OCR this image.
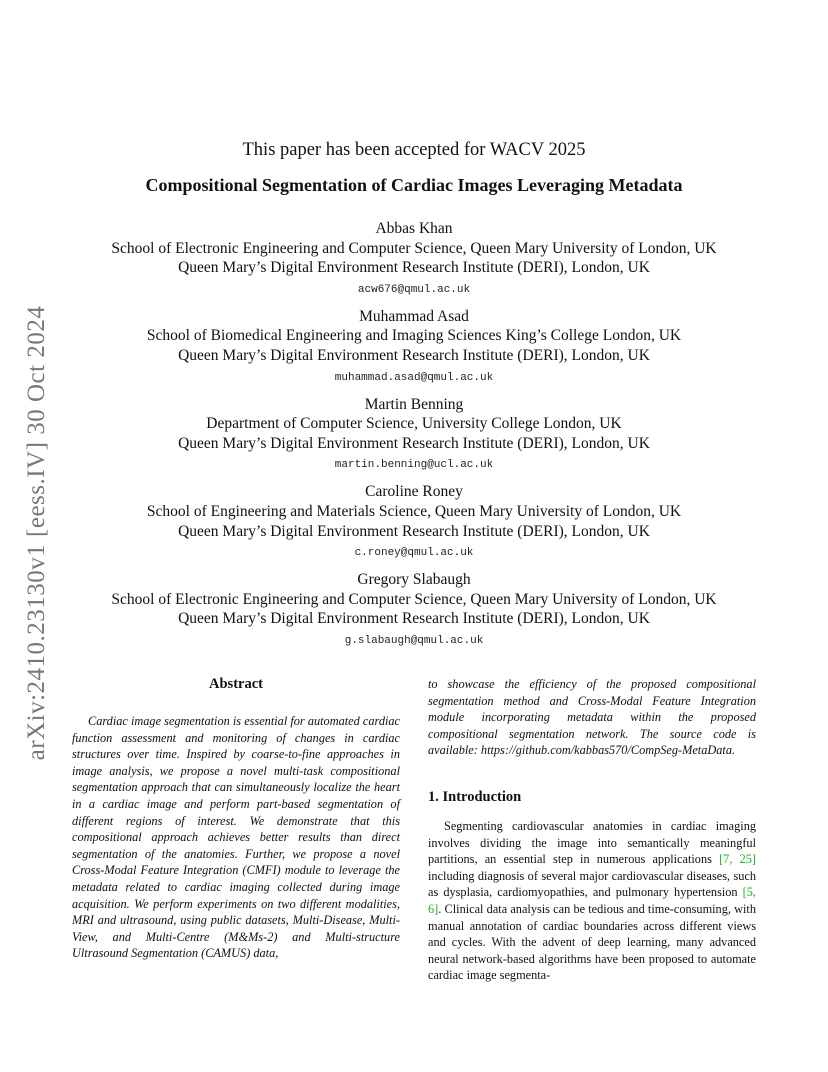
arXiv:2410.23130v1 [eess.IV] 30 Oct 2024
This paper has been accepted for WACV 2025
Compositional Segmentation of Cardiac Images Leveraging Metadata
Abbas Khan
School of Electronic Engineering and Computer Science, Queen Mary University of London, UK
Queen Mary’s Digital Environment Research Institute (DERI), London, UK
acw676@qmul.ac.uk
Muhammad Asad
School of Biomedical Engineering and Imaging Sciences King’s College London, UK
Queen Mary’s Digital Environment Research Institute (DERI), London, UK
muhammad.asad@qmul.ac.uk
Martin Benning
Department of Computer Science, University College London, UK
Queen Mary’s Digital Environment Research Institute (DERI), London, UK
martin.benning@ucl.ac.uk
Caroline Roney
School of Engineering and Materials Science, Queen Mary University of London, UK
Queen Mary’s Digital Environment Research Institute (DERI), London, UK
c.roney@qmul.ac.uk
Gregory Slabaugh
School of Electronic Engineering and Computer Science, Queen Mary University of London, UK
Queen Mary’s Digital Environment Research Institute (DERI), London, UK
g.slabaugh@qmul.ac.uk
Abstract

Cardiac image segmentation is essential for automated cardiac function assessment and monitoring of changes in cardiac structures over time. Inspired by coarse-to-fine approaches in image analysis, we propose a novel multi-task compositional segmentation approach that can simultaneously localize the heart in a cardiac image and perform part-based segmentation of different regions of interest. We demonstrate that this compositional approach achieves better results than direct segmentation of the anatomies. Further, we propose a novel Cross-Modal Feature Integration (CMFI) module to leverage the metadata related to cardiac imaging collected during image acquisition. We perform experiments on two different modalities, MRI and ultrasound, using public datasets, Multi-Disease, Multi-View, and Multi-Centre (M&Ms-2) and Multi-structure Ultrasound Segmentation (CAMUS) data,

to showcase the efficiency of the proposed compositional segmentation method and Cross-Modal Feature Integration module incorporating metadata within the proposed compositional segmentation network. The source code is available: https://github.com/kabbas570/CompSeg-MetaData.

1. Introduction

Segmenting cardiovascular anatomies in cardiac imaging involves dividing the image into semantically meaningful partitions, an essential step in numerous applications [7, 25] including diagnosis of several major cardiovascular diseases, such as dysplasia, cardiomyopathies, and pulmonary hypertension [5, 6]. Clinical data analysis can be tedious and time-consuming, with manual annotation of cardiac boundaries across different views and cycles. With the advent of deep learning, many advanced neural network-based algorithms have been proposed to automate cardiac image segmenta-
